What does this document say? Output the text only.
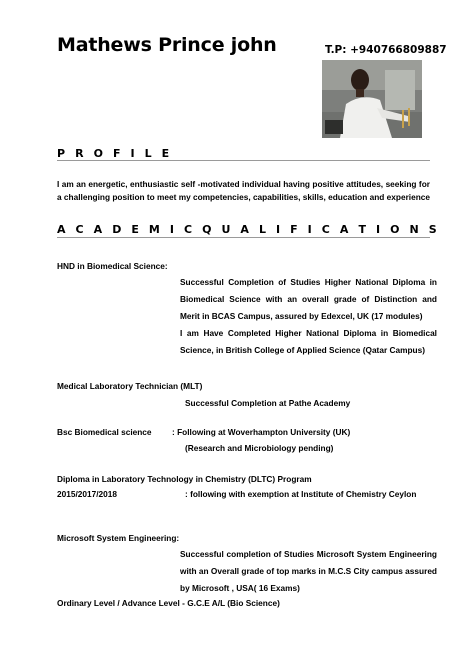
Mathews Prince john	T.P: +940766809887
P R O F I L E
I am an energetic, enthusiastic self -motivated individual having positive attitudes, seeking for a challenging position to meet my competencies, capabilities, skills, education and experience
A C A D E M I C Q U A L I F I C A T I O N S
HND in Biomedical Science:
Successful Completion of Studies Higher National Diploma in Biomedical Science with an overall grade of Distinction and Merit in BCAS Campus, assured by Edexcel, UK (17 modules)
I am Have Completed Higher National Diploma in Biomedical Science, in British College of Applied Science (Qatar Campus)
Medical Laboratory Technician (MLT)
Successful Completion at Pathe Academy
Bsc Biomedical science : Following at Woverhampton University (UK)
(Research and Microbiology pending)
Diploma in Laboratory Technology in Chemistry (DLTC) Program
2015/2017/2018	: following with exemption at Institute of Chemistry Ceylon
Microsoft System Engineering:
Successful completion of Studies Microsoft System Engineering with an Overall grade of top marks in M.C.S City campus assured by Microsoft , USA( 16 Exams)
Ordinary Level / Advance Level - G.C.E A/L (Bio Science)
